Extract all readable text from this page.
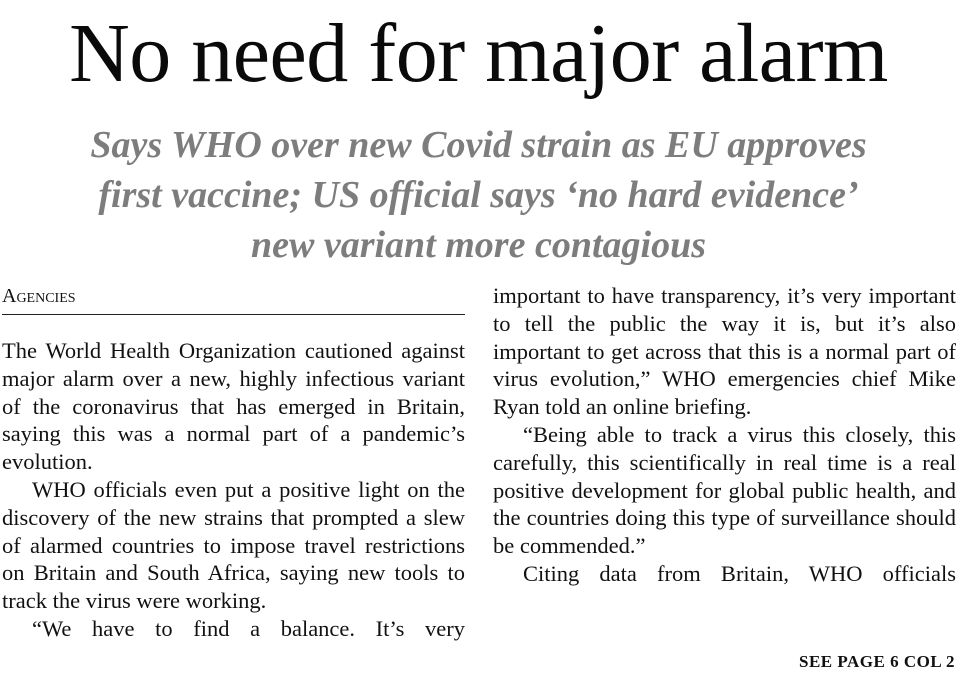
No need for major alarm
Says WHO over new Covid strain as EU approves
first vaccine; US official says ‘no hard evidence’
new variant more contagious
Agencies

The World Health Organization cautioned against major alarm over a new, highly infectious variant of the coronavirus that has emerged in Britain, saying this was a normal part of a pandemic’s evolution.

WHO officials even put a positive light on the discovery of the new strains that prompted a slew of alarmed countries to impose travel restrictions on Britain and South Africa, saying new tools to track the virus were working.

“We have to find a balance. It’s very

important to have transparency, it’s very important to tell the public the way it is, but it’s also important to get across that this is a normal part of virus evolution,” WHO emergencies chief Mike Ryan told an online briefing.

“Being able to track a virus this closely, this carefully, this scientifically in real time is a real positive development for global public health, and the countries doing this type of surveillance should be commended.”

Citing data from Britain, WHO officials

SEE PAGE 6 COL 2
